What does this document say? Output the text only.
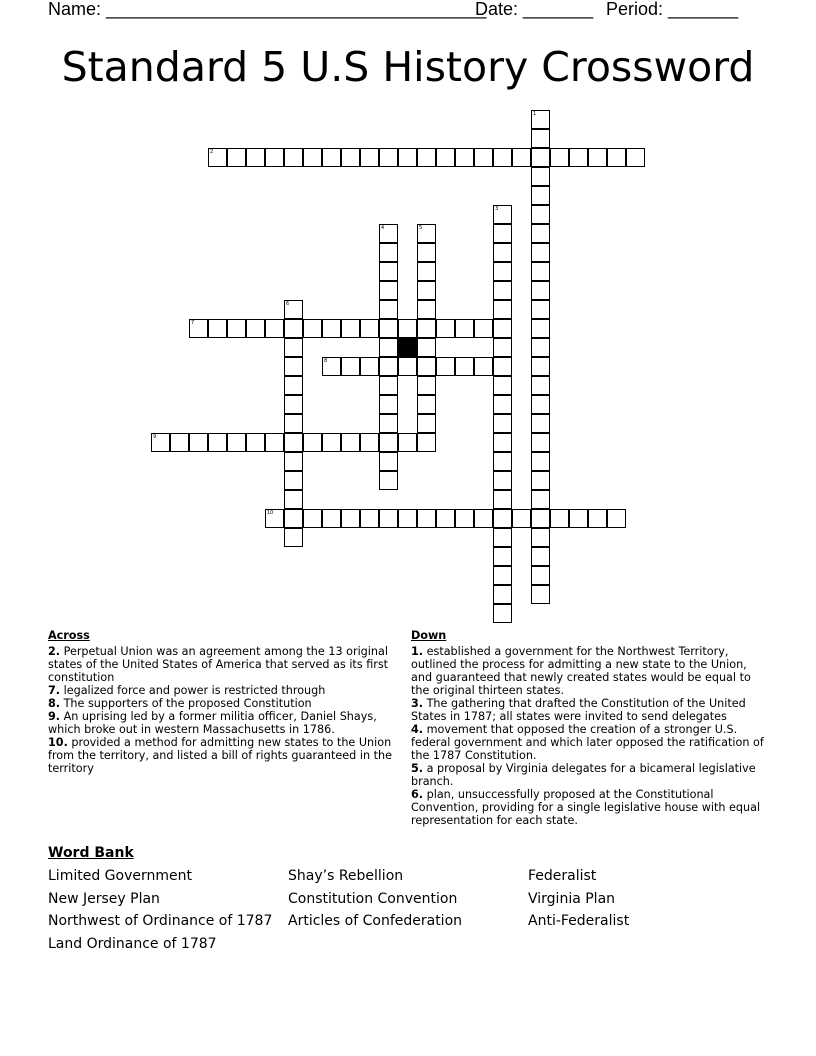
Name: ______________________________________
Date: _______ Period: _______
Standard 5 U.S History Crossword
1
2
3
4	5
6
7
8
9
10
Across

2. Perpetual Union was an agreement among the 13 original states of the United States of America that served as its first constitution

7. legalized force and power is restricted through

8. The supporters of the proposed Constitution

9. An uprising led by a former militia officer, Daniel Shays, which broke out in western Massachusetts in 1786.

10. provided a method for admitting new states to the Union from the territory, and listed a bill of rights guaranteed in the territory

Down

1. established a government for the Northwest Territory, outlined the process for admitting a new state to the Union, and guaranteed that newly created states would be equal to the original thirteen states.

3. The gathering that drafted the Constitution of the United States in 1787; all states were invited to send delegates

4. movement that opposed the creation of a stronger U.S. federal government and which later opposed the ratification of the 1787 Constitution.

5. a proposal by Virginia delegates for a bicameral legislative branch.

6. plan, unsuccessfully proposed at the Constitutional Convention, providing for a single legislative house with equal representation for each state.

Word Bank
Limited Government
New Jersey Plan
Northwest of Ordinance of 1787
Land Ordinance of 1787
Shay’s Rebellion
Constitution Convention
Articles of Confederation
Federalist
Virginia Plan
Anti-Federalist
